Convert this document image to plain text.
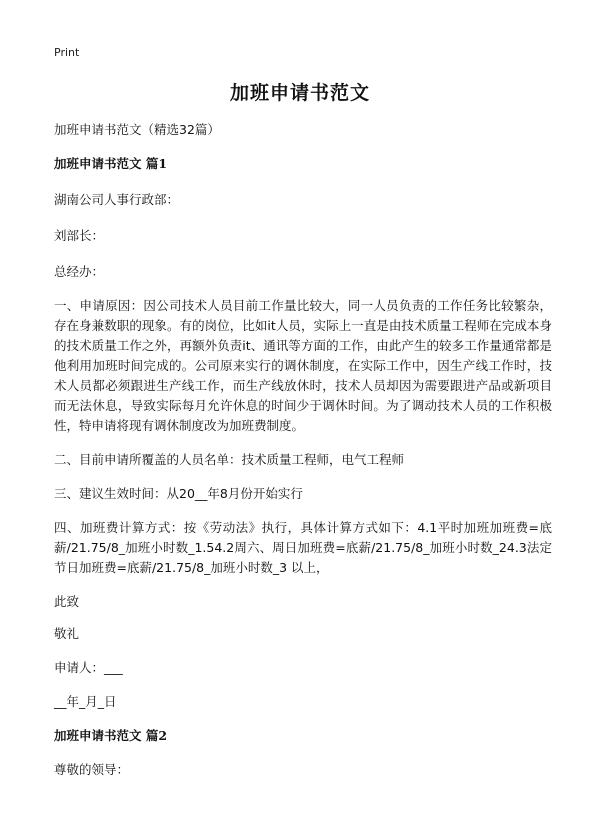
Print
加班申请书范文

加班申请书范文（精选32篇）

加班申请书范文 篇1

湖南公司人事行政部：

刘部长：

总经办：

一、申请原因：因公司技术人员目前工作量比较大，同一人员负责的工作任务比较繁杂，存在身兼数职的现象。有的岗位，比如it人员，实际上一直是由技术质量工程师在完成本身的技术质量工作之外，再额外负责it、通讯等方面的工作，由此产生的较多工作量通常都是他利用加班时间完成的。公司原来实行的调休制度，在实际工作中，因生产线工作时，技术人员都必须跟进生产线工作，而生产线放休时，技术人员却因为需要跟进产品或新项目而无法休息，导致实际每月允许休息的时间少于调休时间。为了调动技术人员的工作积极性，特申请将现有调休制度改为加班费制度。

二、目前申请所覆盖的人员名单：技术质量工程师，电气工程师

三、建议生效时间：从20__年8月份开始实行

四、加班费计算方式：按《劳动法》执行，具体计算方式如下：4.1平时加班加班费=底薪/21.75/8_加班小时数_1.54.2周六、周日加班费=底薪/21.75/8_加班小时数_24.3法定节日加班费=底薪/21.75/8_加班小时数_3 以上，

此致

敬礼

申请人：___

__年_月_日

加班申请书范文 篇2

尊敬的领导：
